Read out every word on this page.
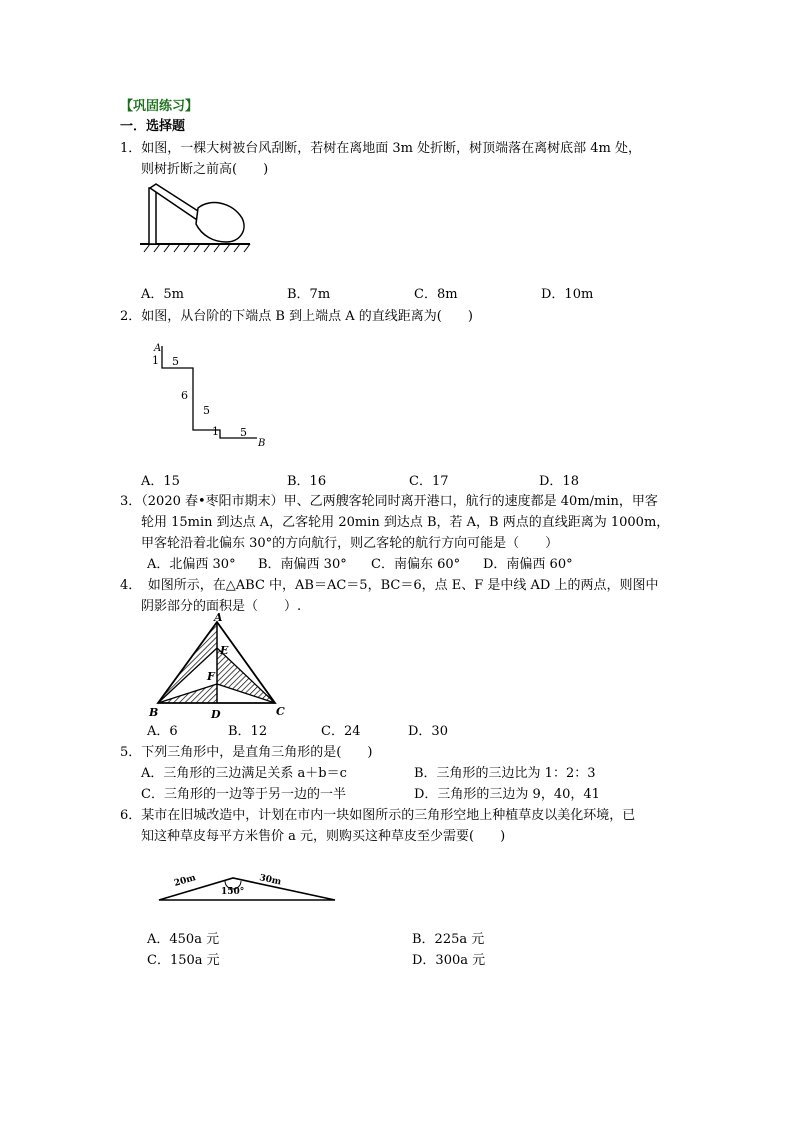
【巩固练习】
一．选择题
1．如图，一棵大树被台风刮断，若树在离地面 3m 处折断，树顶端落在离树底部 4m 处，
则树折断之前高(　　)
A．5m	B．7m	C．8m	D．10m
2．如图，从台阶的下端点 B 到上端点 A 的直线距离为(　　)
A
1 5
6
5
1 5
B
A．15	B．16	C．17	D．18
3．（2020 春•枣阳市期末）甲、乙两艘客轮同时离开港口，航行的速度都是 40m/min，甲客
轮用 15min 到达点 A，乙客轮用 20min 到达点 B，若 A，B 两点的直线距离为 1000m，
甲客轮沿着北偏东 30°的方向航行，则乙客轮的航行方向可能是（　　）
A．北偏西 30° B．南偏西 30° C．南偏东 60° D．南偏西 60°
4．　如图所示，在△ABC 中，AB＝AC＝5，BC＝6，点 E、F 是中线 AD 上的两点，则图中
阴影部分的面积是（　　）.
A
E
F
B	D	C
A．6	B．12	C．24	D．30
5．下列三角形中，是直角三角形的是(　　)
A．三角形的三边满足关系 a＋b＝c	B．三角形的三边比为 1：2：3
C．三角形的一边等于另一边的一半	D．三角形的三边为 9，40，41
6．某市在旧城改造中，计划在市内一块如图所示的三角形空地上种植草皮以美化环境，已
知这种草皮每平方米售价 a 元，则购买这种草皮至少需要(　　)
20m	30m
150°
A．450a 元	B．225a 元
C．150a 元	D．300a 元
